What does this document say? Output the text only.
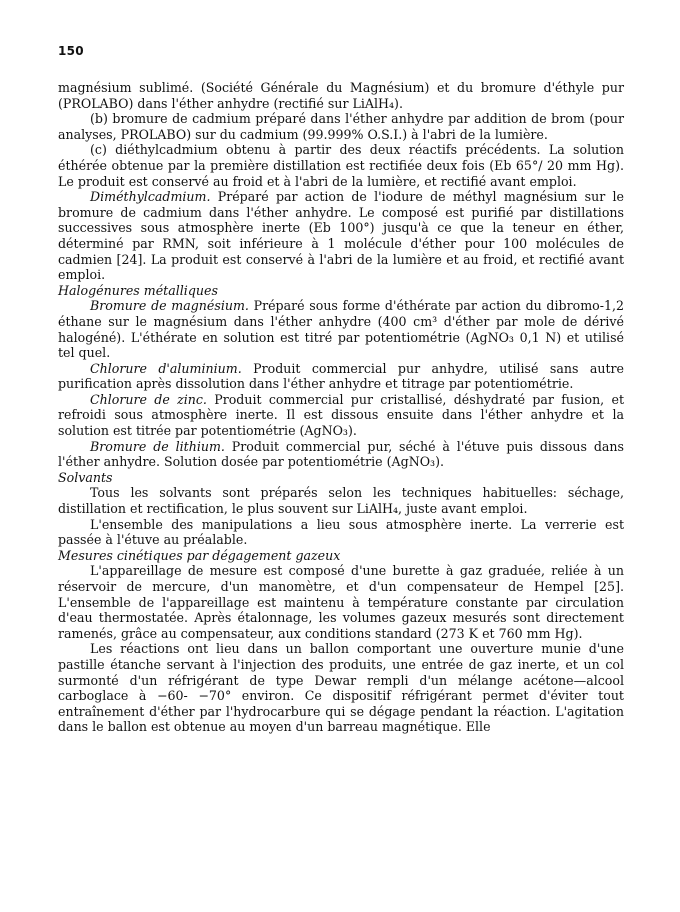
150

magnésium sublimé. (Société Générale du Magnésium) et du bromure d'éthyle pur (PROLABO) dans l'éther anhydre (rectifié sur LiAlH₄).

(b) bromure de cadmium préparé dans l'éther anhydre par addition de brom (pour analyses, PROLABO) sur du cadmium (99.999% O.S.I.) à l'abri de la lumière.

(c) diéthylcadmium obtenu à partir des deux réactifs précédents. La solution éthérée obtenue par la première distillation est rectifiée deux fois (Eb 65°/ 20 mm Hg). Le produit est conservé au froid et à l'abri de la lumière, et rectifié avant emploi.

Diméthylcadmium. Préparé par action de l'iodure de méthyl magnésium sur le bromure de cadmium dans l'éther anhydre. Le composé est purifié par distillations successives sous atmosphère inerte (Eb 100°) jusqu'à ce que la teneur en éther, déterminé par RMN, soit inférieure à 1 molécule d'éther pour 100 molécules de cadmien [24]. La produit est conservé à l'abri de la lumière et au froid, et rectifié avant emploi.

Halogénures métalliques

Bromure de magnésium. Préparé sous forme d'éthérate par action du dibromo-1,2 éthane sur le magnésium dans l'éther anhydre (400 cm³ d'éther par mole de dérivé halogéné). L'éthérate en solution est titré par potentiométrie (AgNO₃ 0,1 N) et utilisé tel quel.

Chlorure d'aluminium. Produit commercial pur anhydre, utilisé sans autre purification après dissolution dans l'éther anhydre et titrage par potentiométrie.

Chlorure de zinc. Produit commercial pur cristallisé, déshydraté par fusion, et refroidi sous atmosphère inerte. Il est dissous ensuite dans l'éther anhydre et la solution est titrée par potentiométrie (AgNO₃).

Bromure de lithium. Produit commercial pur, séché à l'étuve puis dissous dans l'éther anhydre. Solution dosée par potentiométrie (AgNO₃).

Solvants

Tous les solvants sont préparés selon les techniques habituelles: séchage, distillation et rectification, le plus souvent sur LiAlH₄, juste avant emploi.

L'ensemble des manipulations a lieu sous atmosphère inerte. La verrerie est passée à l'étuve au préalable.

Mesures cinétiques par dégagement gazeux

L'appareillage de mesure est composé d'une burette à gaz graduée, reliée à un réservoir de mercure, d'un manomètre, et d'un compensateur de Hempel [25]. L'ensemble de l'appareillage est maintenu à température constante par circulation d'eau thermostatée. Après étalonnage, les volumes gazeux mesurés sont directement ramenés, grâce au compensateur, aux conditions standard (273 K et 760 mm Hg).

Les réactions ont lieu dans un ballon comportant une ouverture munie d'une pastille étanche servant à l'injection des produits, une entrée de gaz inerte, et un col surmonté d'un réfrigérant de type Dewar rempli d'un mélange acétone—alcool carboglace à −60- −70° environ. Ce dispositif réfrigérant permet d'éviter tout entraînement d'éther par l'hydrocarbure qui se dégage pendant la réaction. L'agitation dans le ballon est obtenue au moyen d'un barreau magnétique. Elle
